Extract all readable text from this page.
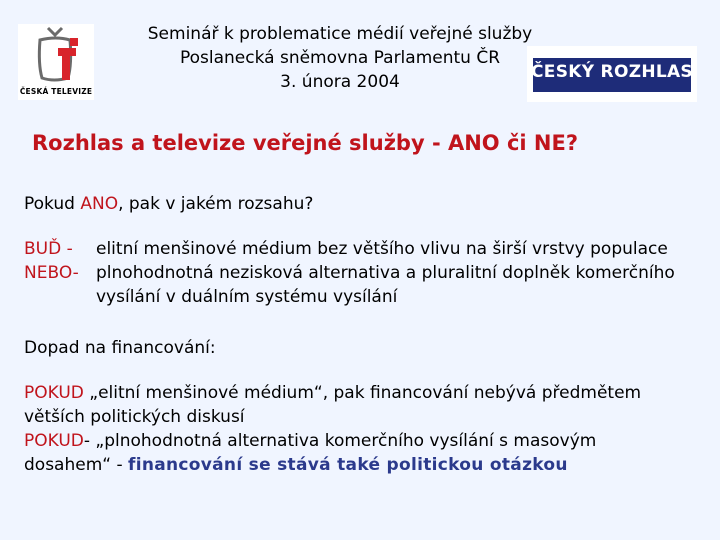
ČESKÁ TELEVIZE
Seminář k problematice médií veřejné služby
Poslanecká sněmovna Parlamentu ČR
3. února 2004	ČESKÝ ROZHLAS
Rozhlas a televize veřejné služby - ANO či NE?
Pokud ANO, pak v jakém rozsahu?
BUĎ - elitní menšinové médium bez většího vlivu na širší vrstvy populace
NEBO- plnohodnotná nezisková alternativa a pluralitní doplněk komerčního
vysílání v duálním systému vysílání
Dopad na financování:
POKUD „elitní menšinové médium“, pak financování nebývá předmětem
větších politických diskusí
POKUD- „plnohodnotná alternativa komerčního vysílání s masovým
dosahem“ - financování se stává také politickou otázkou
